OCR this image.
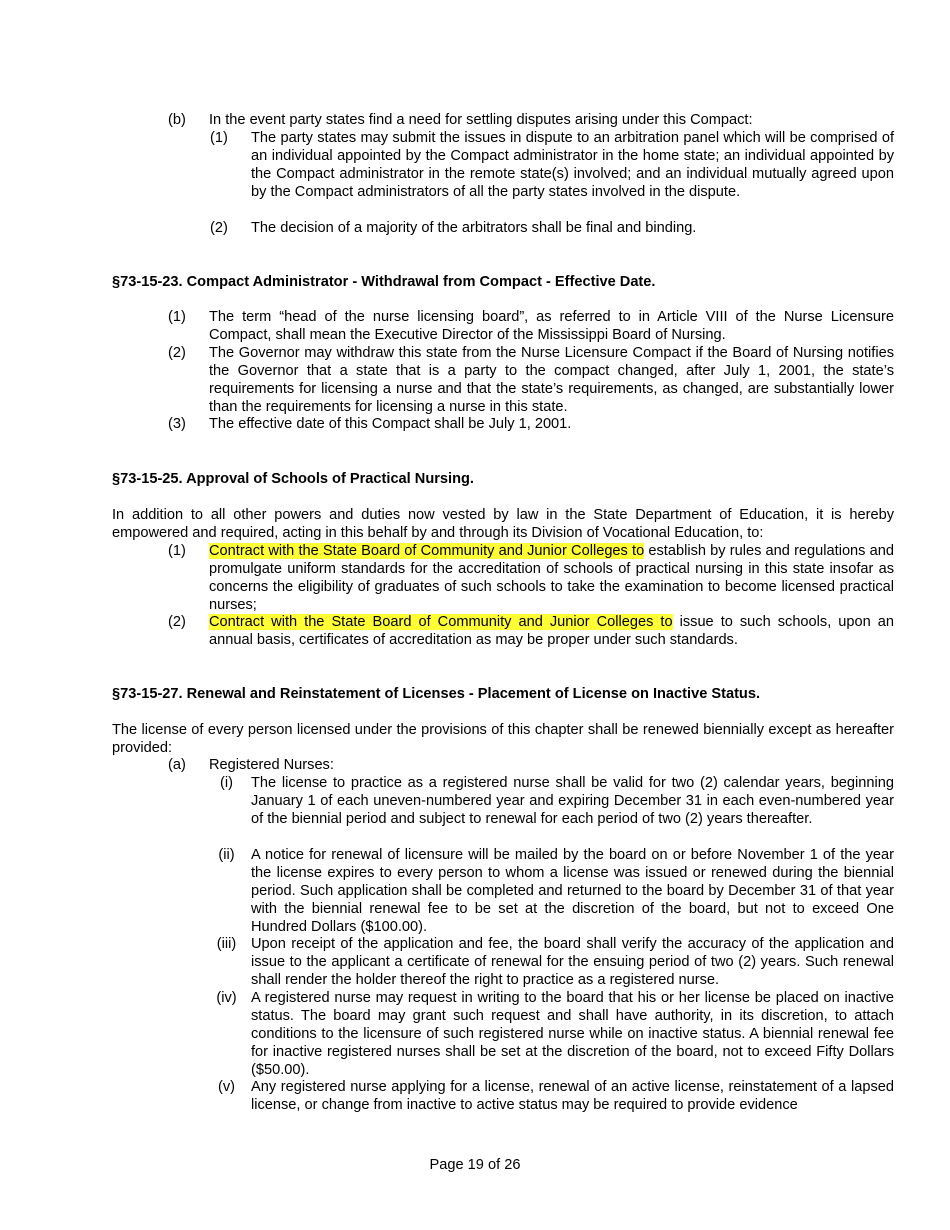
(b)	In the event party states find a need for settling disputes arising under this Compact:
(1)	The party states may submit the issues in dispute to an arbitration panel which will be comprised of an individual appointed by the Compact administrator in the home state; an individual appointed by the Compact administrator in the remote state(s) involved; and an individual mutually agreed upon by the Compact administrators of all the party states involved in the dispute.
(2)	The decision of a majority of the arbitrators shall be final and binding.
§73-15-23. Compact Administrator - Withdrawal from Compact - Effective Date.
(1)	The term “head of the nurse licensing board”, as referred to in Article VIII of the Nurse Licensure Compact, shall mean the Executive Director of the Mississippi Board of Nursing.
(2)	The Governor may withdraw this state from the Nurse Licensure Compact if the Board of Nursing notifies the Governor that a state that is a party to the compact changed, after July 1, 2001, the state’s requirements for licensing a nurse and that the state’s requirements, as changed, are substantially lower than the requirements for licensing a nurse in this state.
(3)	The effective date of this Compact shall be July 1, 2001.
§73-15-25. Approval of Schools of Practical Nursing.
In addition to all other powers and duties now vested by law in the State Department of Education, it is hereby empowered and required, acting in this behalf by and through its Division of Vocational Education, to:
(1)	Contract with the State Board of Community and Junior Colleges to establish by rules and regulations and promulgate uniform standards for the accreditation of schools of practical nursing in this state insofar as concerns the eligibility of graduates of such schools to take the examination to become licensed practical nurses;
(2)	Contract with the State Board of Community and Junior Colleges to issue to such schools, upon an annual basis, certificates of accreditation as may be proper under such standards.
§73-15-27. Renewal and Reinstatement of Licenses - Placement of License on Inactive Status.
The license of every person licensed under the provisions of this chapter shall be renewed biennially except as hereafter provided:
(a)	Registered Nurses:
(i)	The license to practice as a registered nurse shall be valid for two (2) calendar years, beginning January 1 of each uneven-numbered year and expiring December 31 in each even-numbered year of the biennial period and subject to renewal for each period of two (2) years thereafter.
(ii)	A notice for renewal of licensure will be mailed by the board on or before November 1 of the year the license expires to every person to whom a license was issued or renewed during the biennial period. Such application shall be completed and returned to the board by December 31 of that year with the biennial renewal fee to be set at the discretion of the board, but not to exceed One Hundred Dollars ($100.00).
(iii)	Upon receipt of the application and fee, the board shall verify the accuracy of the application and issue to the applicant a certificate of renewal for the ensuing period of two (2) years. Such renewal shall render the holder thereof the right to practice as a registered nurse.
(iv) A registered nurse may request in writing to the board that his or her license be placed on inactive status. The board may grant such request and shall have authority, in its discretion, to attach conditions to the licensure of such registered nurse while on inactive status. A biennial renewal fee for inactive registered nurses shall be set at the discretion of the board, not to exceed Fifty Dollars ($50.00).
(v)	Any registered nurse applying for a license, renewal of an active license, reinstatement of a lapsed license, or change from inactive to active status may be required to provide evidence
Page 19 of 26
